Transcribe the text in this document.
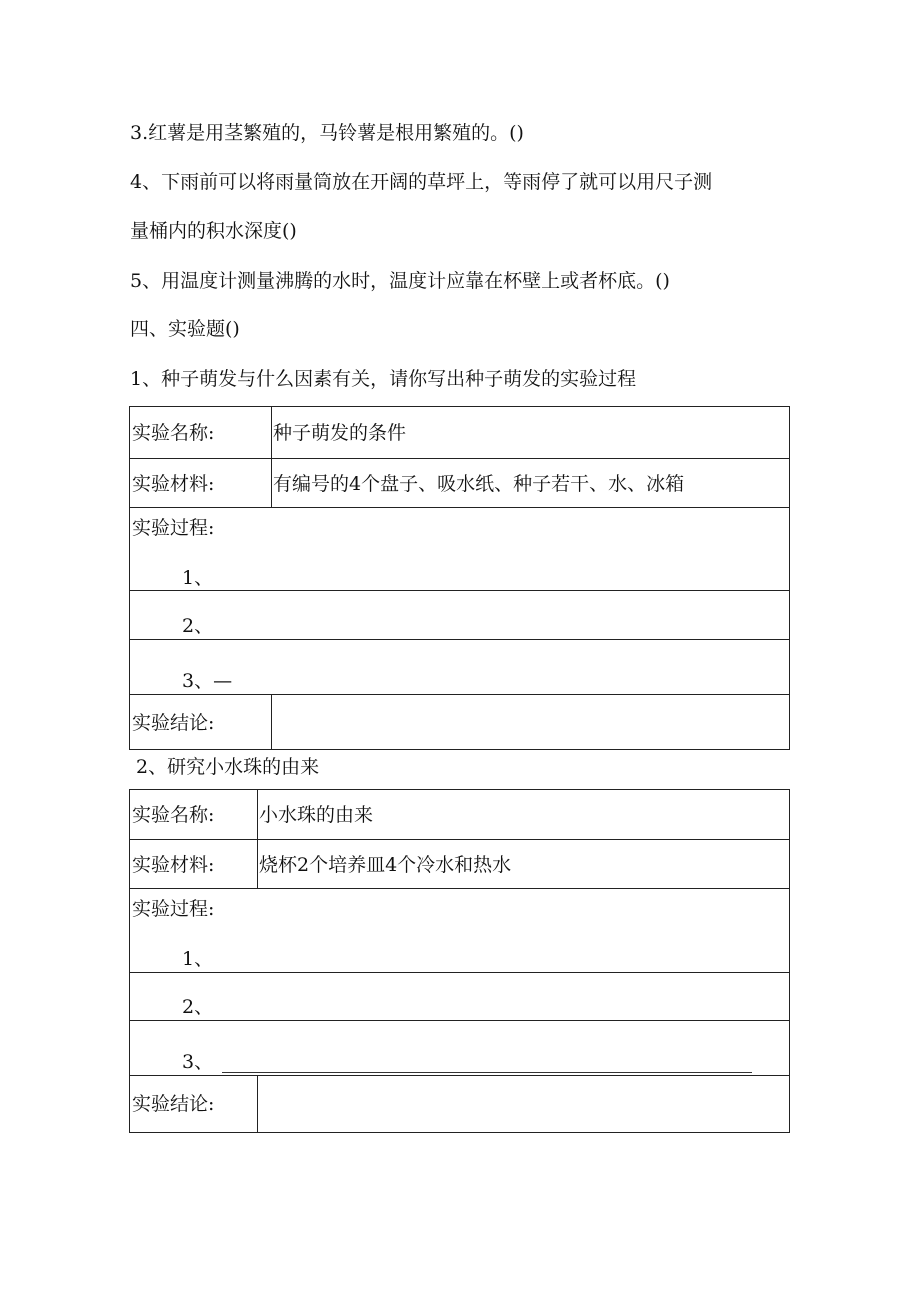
3.红薯是用茎繁殖的，马铃薯是根用繁殖的。()
4、下雨前可以将雨量筒放在开阔的草坪上，等雨停了就可以用尺子测
量桶内的积水深度()
5、用温度计测量沸腾的水时，温度计应靠在杯壁上或者杯底。()
四、实验题()
1、种子萌发与什么因素有关，请你写出种子萌发的实验过程
实验名称:	种子萌发的条件
实验材料:	有编号的4个盘子、吸水纸、种子若干、水、冰箱
实验过程:
1、
2、
3、—
实验结论:
2、研究小水珠的由来
实验名称: 小水珠的由来
实验材料: 烧杯2个培养皿4个冷水和热水
实验过程:
1、
2、
3、
实验结论:
